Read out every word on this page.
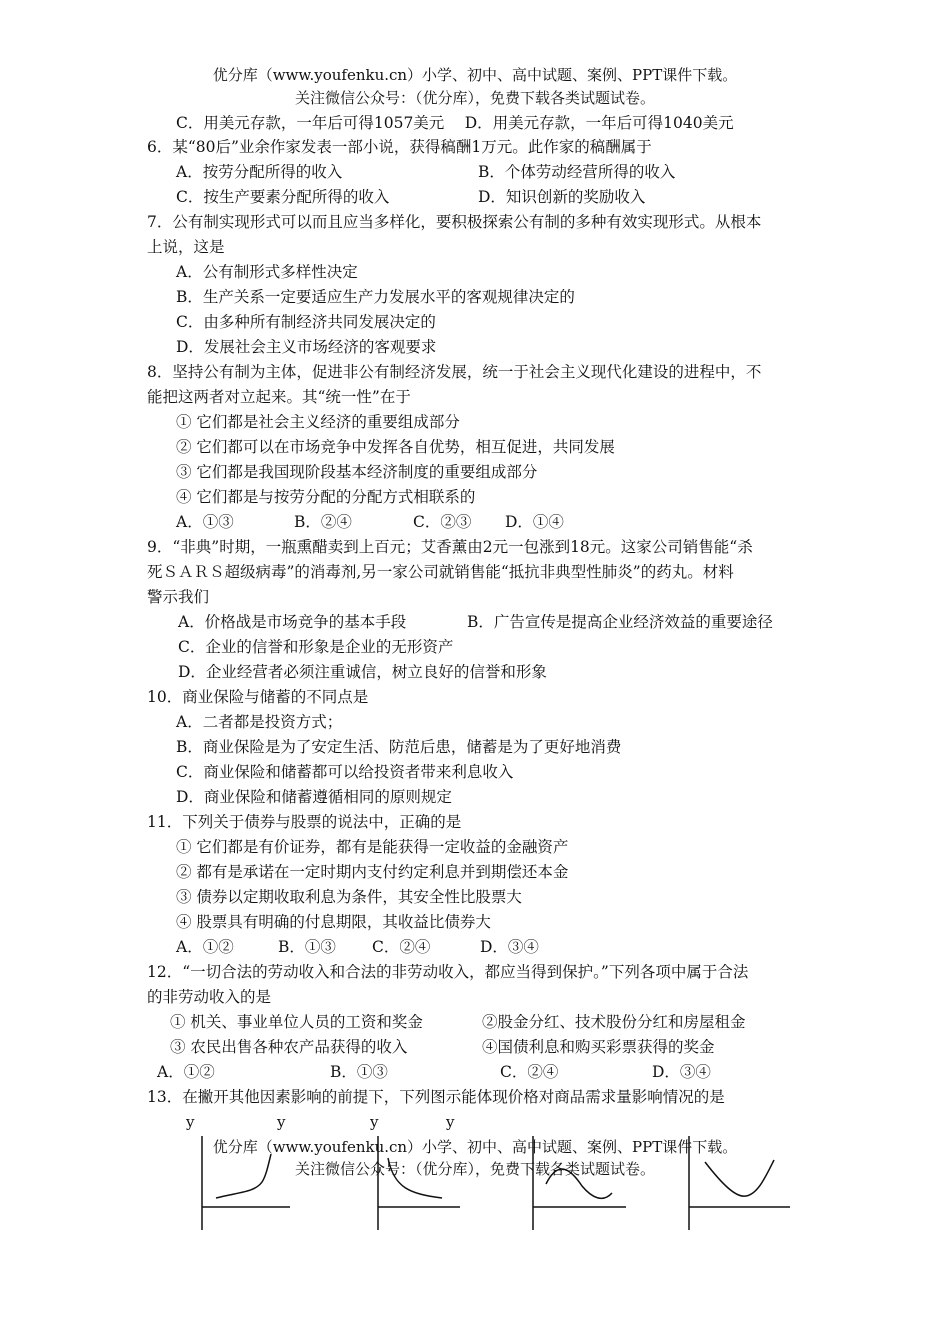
优分库（www.youfenku.cn）小学、初中、高中试题、案例、PPT课件下载。
关注微信公众号：（优分库），免费下载各类试题试卷。
C．用美元存款，一年后可得1057美元　 D．用美元存款，一年后可得1040美元
6．某“80后”业余作家发表一部小说，获得稿酬1万元。此作家的稿酬属于
A．按劳分配所得的收入	B．个体劳动经营所得的收入
C．按生产要素分配所得的收入	D．知识创新的奖励收入
7．公有制实现形式可以而且应当多样化，要积极探索公有制的多种有效实现形式。从根本
上说，这是
A．公有制形式多样性决定
B．生产关系一定要适应生产力发展水平的客观规律决定的
C．由多种所有制经济共同发展决定的
D．发展社会主义市场经济的客观要求
8．坚持公有制为主体，促进非公有制经济发展，统一于社会主义现代化建设的进程中，不
能把这两者对立起来。其“统一性”在于
① 它们都是社会主义经济的重要组成部分
② 它们都可以在市场竞争中发挥各自优势，相互促进，共同发展
③ 它们都是我国现阶段基本经济制度的重要组成部分
④ 它们都是与按劳分配的分配方式相联系的
A．①③	B．②④	C．②③ D．①④
9．“非典”时期，一瓶熏醋卖到上百元；艾香薰由2元一包涨到18元。这家公司销售能“杀
死ＳＡＲＳ超级病毒”的消毒剂,另一家公司就销售能“抵抗非典型性肺炎”的药丸。材料
警示我们
A．价格战是市场竞争的基本手段	B．广告宣传是提高企业经济效益的重要途径
C．企业的信誉和形象是企业的无形资产
D．企业经营者必须注重诚信，树立良好的信誉和形象
10．商业保险与储蓄的不同点是
A．二者都是投资方式；
B．商业保险是为了安定生活、防范后患，储蓄是为了更好地消费
C．商业保险和储蓄都可以给投资者带来利息收入
D．商业保险和储蓄遵循相同的原则规定
11．下列关于债券与股票的说法中，正确的是
① 它们都是有价证券，都有是能获得一定收益的金融资产
② 都有是承诺在一定时期内支付约定利息并到期偿还本金
③ 债券以定期收取利息为条件，其安全性比股票大
④ 股票具有明确的付息期限，其收益比债券大
A．①②	B．①③ C．②④	D．③④
12．“一切合法的劳动收入和合法的非劳动收入，都应当得到保护。”下列各项中属于合法
的非劳动收入的是
① 机关、事业单位人员的工资和奖金	②股金分红、技术股份分红和房屋租金
③ 农民出售各种农产品获得的收入	④国债利息和购买彩票获得的奖金
A．①②	B．①③	C．②④	D．③④
13．在撇开其他因素影响的前提下，下列图示能体现价格对商品需求量影响情况的是
y	y	y	y
优分库（www.youfenku.cn）小学、初中、高中试题、案例、PPT课件下载。
关注微信公众号：（优分库），免费下载各类试题试卷。
